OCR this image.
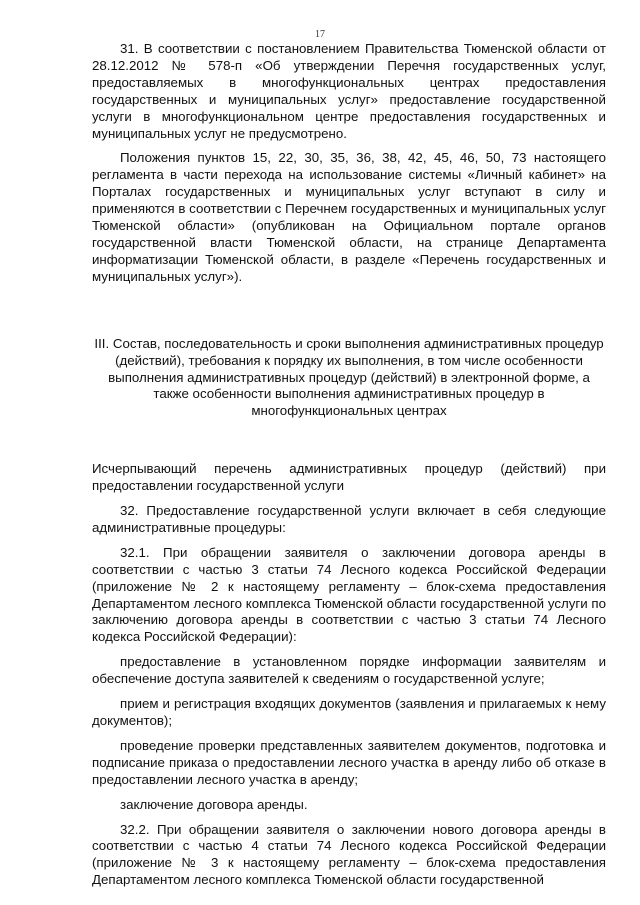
17

31. В соответствии с постановлением Правительства Тюменской области от 28.12.2012 № 578-п «Об утверждении Перечня государственных услуг, предоставляемых в многофункциональных центрах предоставления государственных и муниципальных услуг» предоставление государственной услуги в многофункциональном центре предоставления государственных и муниципальных услуг не предусмотрено.

Положения пунктов 15, 22, 30, 35, 36, 38, 42, 45, 46, 50, 73 настоящего регламента в части перехода на использование системы «Личный кабинет» на Порталах государственных и муниципальных услуг вступают в силу и применяются в соответствии с Перечнем государственных и муниципальных услуг Тюменской области» (опубликован на Официальном портале органов государственной власти Тюменской области, на странице Департамента информатизации Тюменской области, в разделе «Перечень государственных и муниципальных услуг»).

III. Состав, последовательность и сроки выполнения административных процедур (действий), требования к порядку их выполнения, в том числе особенности выполнения административных процедур (действий) в электронной форме, а также особенности выполнения административных процедур в многофункциональных центрах

Исчерпывающий перечень административных процедур (действий) при предоставлении государственной услуги

32. Предоставление государственной услуги включает в себя следующие административные процедуры:

32.1. При обращении заявителя о заключении договора аренды в соответствии с частью 3 статьи 74 Лесного кодекса Российской Федерации (приложение № 2 к настоящему регламенту – блок-схема предоставления Департаментом лесного комплекса Тюменской области государственной услуги по заключению договора аренды в соответствии с частью 3 статьи 74 Лесного кодекса Российской Федерации):

предоставление в установленном порядке информации заявителям и обеспечение доступа заявителей к сведениям о государственной услуге;

прием и регистрация входящих документов (заявления и прилагаемых к нему документов);

проведение проверки представленных заявителем документов, подготовка и подписание приказа о предоставлении лесного участка в аренду либо об отказе в предоставлении лесного участка в аренду;

заключение договора аренды.

32.2. При обращении заявителя о заключении нового договора аренды в соответствии с частью 4 статьи 74 Лесного кодекса Российской Федерации (приложение № 3 к настоящему регламенту – блок-схема предоставления Департаментом лесного комплекса Тюменской области государственной
